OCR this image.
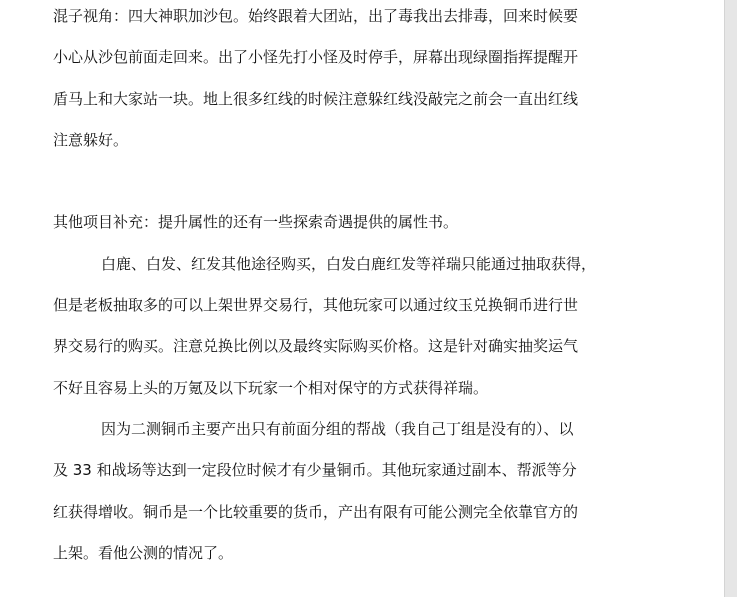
混子视角：四大神职加沙包。始终跟着大团站，出了毒我出去排毒，回来时候要
小心从沙包前面走回来。出了小怪先打小怪及时停手，屏幕出现绿圈指挥提醒开
盾马上和大家站一块。地上很多红线的时候注意躲红线没敲完之前会一直出红线
注意躲好。

其他项目补充：提升属性的还有一些探索奇遇提供的属性书。

白鹿、白发、红发其他途径购买，白发白鹿红发等祥瑞只能通过抽取获得，
但是老板抽取多的可以上架世界交易行，其他玩家可以通过纹玉兑换铜币进行世
界交易行的购买。注意兑换比例以及最终实际购买价格。这是针对确实抽奖运气
不好且容易上头的万氪及以下玩家一个相对保守的方式获得祥瑞。

因为二测铜币主要产出只有前面分组的帮战（我自己丁组是没有的）、以
及 33 和战场等达到一定段位时候才有少量铜币。其他玩家通过副本、帮派等分
红获得增收。铜币是一个比较重要的货币，产出有限有可能公测完全依靠官方的
上架。看他公测的情况了。
